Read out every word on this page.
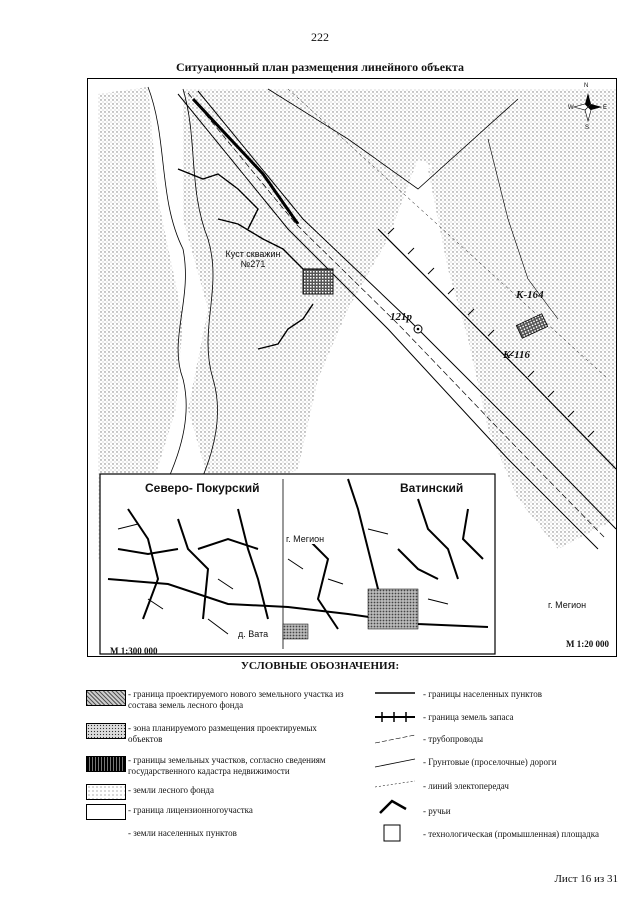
222
Ситуационный план размещения линейного объекта
Куст скважин №271
121р
К-164
К-116
г. Мегион
N
S
W	E
Северо- Покурский	Ватинский
г. Мегион
д. Вата
М 1:300 000
М 1:20 000
УСЛОВНЫЕ ОБОЗНАЧЕНИЯ:
- граница проектируемого нового земельного участка из состава земель лесного фонда
- зона планируемого размещения проектируемых объектов
- границы земельных участков, согласно сведениям государственного кадастра недвижимости
- земли лесного фонда
- граница лицензионногоучастка
- земли населенных пунктов
- границы населенных пунктов
- граница земель запаса
- трубопроводы
- Грунтовые (проселочные) дороги
- линий электопередач
- ручьи
- технологическая (промышленная) площадка
Лист 16 из 31
